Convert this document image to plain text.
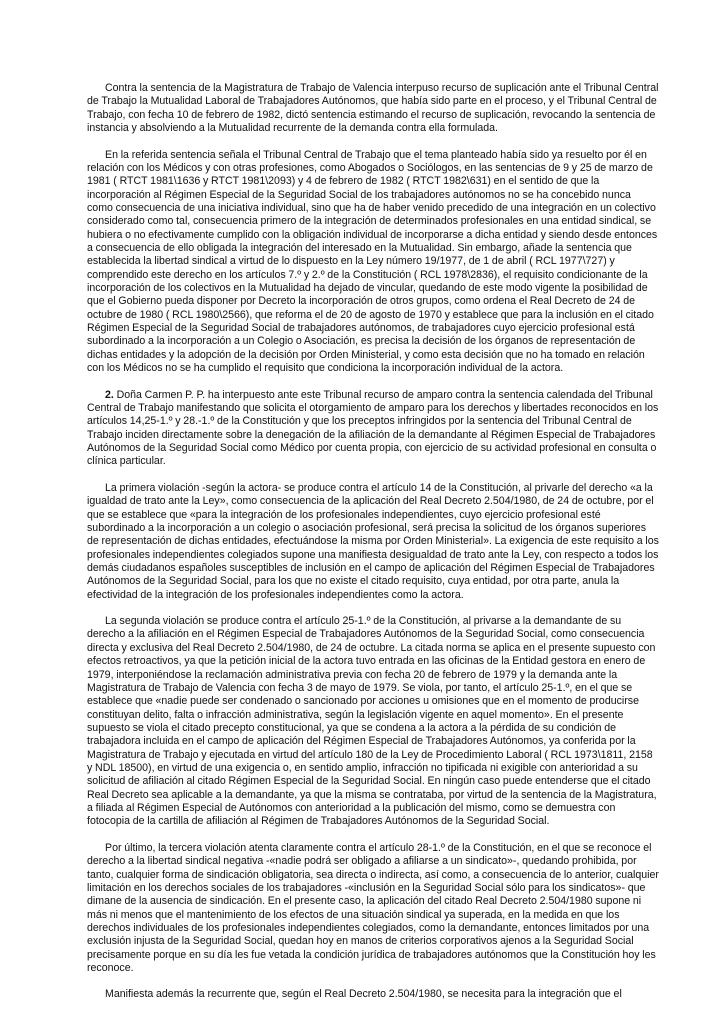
Contra la sentencia de la Magistratura de Trabajo de Valencia interpuso recurso de suplicación ante el Tribunal Central de Trabajo la Mutualidad Laboral de Trabajadores Autónomos, que había sido parte en el proceso, y el Tribunal Central de Trabajo, con fecha 10 de febrero de 1982, dictó sentencia estimando el recurso de suplicación, revocando la sentencia de instancia y absolviendo a la Mutualidad recurrente de la demanda contra ella formulada.

En la referida sentencia señala el Tribunal Central de Trabajo que el tema planteado había sido ya resuelto por él en relación con los Médicos y con otras profesiones, como Abogados o Sociólogos, en las sentencias de 9 y 25 de marzo de 1981 ( RTCT 1981\1636 y RTCT 1981\2093) y 4 de febrero de 1982 ( RTCT 1982\631) en el sentido de que la incorporación al Régimen Especial de la Seguridad Social de los trabajadores autónomos no se ha concebido nunca como consecuencia de una iniciativa individual, sino que ha de haber venido precedido de una integración en un colectivo considerado como tal, consecuencia primero de la integración de determinados profesionales en una entidad sindical, se hubiera o no efectivamente cumplido con la obligación individual de incorporarse a dicha entidad y siendo desde entonces a consecuencia de ello obligada la integración del interesado en la Mutualidad. Sin embargo, añade la sentencia que establecida la libertad sindical a virtud de lo dispuesto en la Ley número 19/1977, de 1 de abril ( RCL 1977\727) y comprendido este derecho en los artículos 7.º y 2.º de la Constitución ( RCL 1978\2836), el requisito condicionante de la incorporación de los colectivos en la Mutualidad ha dejado de vincular, quedando de este modo vigente la posibilidad de que el Gobierno pueda disponer por Decreto la incorporación de otros grupos, como ordena el Real Decreto de 24 de octubre de 1980 ( RCL 1980\2566), que reforma el de 20 de agosto de 1970 y establece que para la inclusión en el citado Régimen Especial de la Seguridad Social de trabajadores autónomos, de trabajadores cuyo ejercicio profesional está subordinado a la incorporación a un Colegio o Asociación, es precisa la decisión de los órganos de representación de dichas entidades y la adopción de la decisión por Orden Ministerial, y como esta decisión que no ha tomado en relación con los Médicos no se ha cumplido el requisito que condiciona la incorporación individual de la actora.

2. Doña Carmen P. P. ha interpuesto ante este Tribunal recurso de amparo contra la sentencia calendada del Tribunal Central de Trabajo manifestando que solicita el otorgamiento de amparo para los derechos y libertades reconocidos en los artículos 14,25-1.º y 28.-1.º de la Constitución y que los preceptos infringidos por la sentencia del Tribunal Central de Trabajo inciden directamente sobre la denegación de la afiliación de la demandante al Régimen Especial de Trabajadores Autónomos de la Seguridad Social como Médico por cuenta propia, con ejercicio de su actividad profesional en consulta o clínica particular.

La primera violación -según la actora- se produce contra el artículo 14 de la Constitución, al privarle del derecho «a la igualdad de trato ante la Ley», como consecuencia de la aplicación del Real Decreto 2.504/1980, de 24 de octubre, por el que se establece que «para la integración de los profesionales independientes, cuyo ejercicio profesional esté subordinado a la incorporación a un colegio o asociación profesional, será precisa la solicitud de los órganos superiores de representación de dichas entidades, efectuándose la misma por Orden Ministerial». La exigencia de este requisito a los profesionales independientes colegiados supone una manifiesta desigualdad de trato ante la Ley, con respecto a todos los demás ciudadanos españoles susceptibles de inclusión en el campo de aplicación del Régimen Especial de Trabajadores Autónomos de la Seguridad Social, para los que no existe el citado requisito, cuya entidad, por otra parte, anula la efectividad de la integración de los profesionales independientes como la actora.

La segunda violación se produce contra el artículo 25-1.º de la Constitución, al privarse a la demandante de su derecho a la afiliación en el Régimen Especial de Trabajadores Autónomos de la Seguridad Social, como consecuencia directa y exclusiva del Real Decreto 2.504/1980, de 24 de octubre. La citada norma se aplica en el presente supuesto con efectos retroactivos, ya que la petición inicial de la actora tuvo entrada en las oficinas de la Entidad gestora en enero de 1979, interponiéndose la reclamación administrativa previa con fecha 20 de febrero de 1979 y la demanda ante la Magistratura de Trabajo de Valencia con fecha 3 de mayo de 1979. Se viola, por tanto, el artículo 25-1.º, en el que se establece que «nadie puede ser condenado o sancionado por acciones u omisiones que en el momento de producirse constituyan delito, falta o infracción administrativa, según la legislación vigente en aquel momento». En el presente supuesto se viola el citado precepto constitucional, ya que se condena a la actora a la pérdida de su condición de trabajadora incluida en el campo de aplicación del Régimen Especial de Trabajadores Autónomos, ya conferida por la Magistratura de Trabajo y ejecutada en virtud del artículo 180 de la Ley de Procedimiento Laboral ( RCL 1973\1811, 2158 y NDL 18500), en virtud de una exigencia o, en sentido amplio, infracción no tipificada ni exigible con anterioridad a su solicitud de afiliación al citado Régimen Especial de la Seguridad Social. En ningún caso puede entenderse que el citado Real Decreto sea aplicable a la demandante, ya que la misma se contrataba, por virtud de la sentencia de la Magistratura, a filiada al Régimen Especial de Autónomos con anterioridad a la publicación del mismo, como se demuestra con fotocopia de la cartilla de afiliación al Régimen de Trabajadores Autónomos de la Seguridad Social.

Por último, la tercera violación atenta claramente contra el artículo 28-1.º de la Constitución, en el que se reconoce el derecho a la libertad sindical negativa -«nadie podrá ser obligado a afiliarse a un sindicato»-, quedando prohibida, por tanto, cualquier forma de sindicación obligatoria, sea directa o indirecta, así como, a consecuencia de lo anterior, cualquier limitación en los derechos sociales de los trabajadores -«inclusión en la Seguridad Social sólo para los sindicatos»- que dimane de la ausencia de sindicación. En el presente caso, la aplicación del citado Real Decreto 2.504/1980 supone ni más ni menos que el mantenimiento de los efectos de una situación sindical ya superada, en la medida en que los derechos individuales de los profesionales independientes colegiados, como la demandante, entonces limitados por una exclusión injusta de la Seguridad Social, quedan hoy en manos de criterios corporativos ajenos a la Seguridad Social precisamente porque en su día les fue vetada la condición jurídica de trabajadores autónomos que la Constitución hoy les reconoce.

Manifiesta además la recurrente que, según el Real Decreto 2.504/1980, se necesita para la integración que el
